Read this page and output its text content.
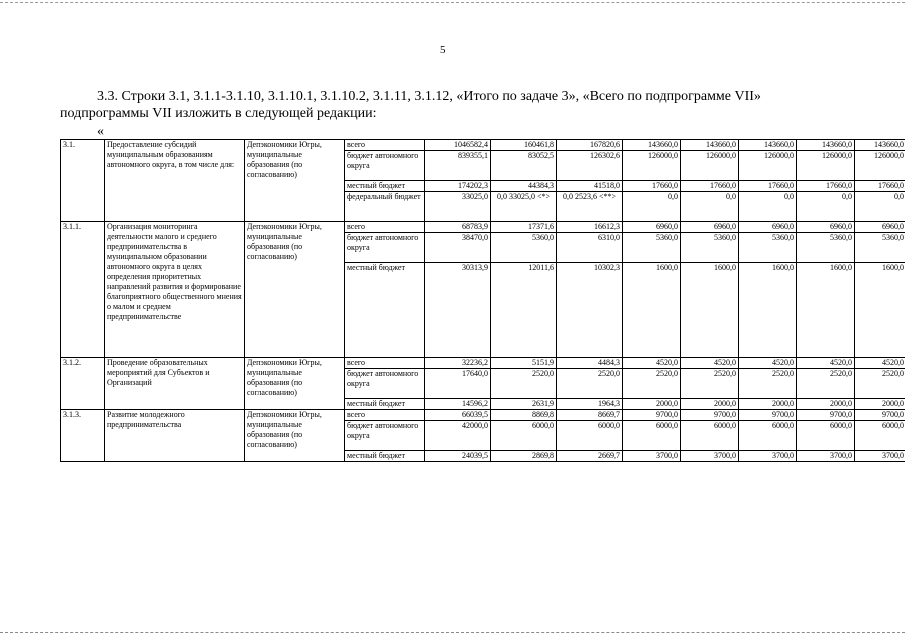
5
3.3. Строки 3.1, 3.1.1-3.1.10, 3.1.10.1, 3.1.10.2, 3.1.11, 3.1.12, «Итого по задаче 3», «Всего по подпрограмме VII»
подпрограммы VII изложить в следующей редакции:
«
3.1.	Предоставление субсидий муниципальным образованиям автономного округа, в том числе для:	Депэкономики Югры, муниципальные образования (по согласованию)	всего	1046582,4	160461,8	167820,6	143660,0	143660,0	143660,0	143660,0	143660,0
			бюджет автономного округа	839355,1	83052,5	126302,6	126000,0	126000,0	126000,0	126000,0	126000,0
			местный бюджет	174202,3	44384,3	41518,0	17660,0	17660,0	17660,0	17660,0	17660,0
			федеральный бюджет	33025,0	0,0 33025,0 <*>	0,0 2523,6 <**>	0,0	0,0	0,0	0,0	0,0
3.1.1.	Организация мониторинга деятельности малого и среднего предпринимательства в муниципальном образовании автономного округа в целях определения приоритетных направлений развития и формирование благоприятного общественного мнения о малом и среднем предпринимательстве	Депэкономики Югры, муниципальные образования (по согласованию)	всего	68783,9	17371,6	16612,3	6960,0	6960,0	6960,0	6960,0	6960,0
			бюджет автономного округа	38470,0	5360,0	6310,0	5360,0	5360,0	5360,0	5360,0	5360,0
			местный бюджет	30313,9	12011,6	10302,3	1600,0	1600,0	1600,0	1600,0	1600,0
3.1.2.	Проведение образовательных мероприятий для Субъектов и Организаций	Депэкономики Югры, муниципальные образования (по согласованию)	всего	32236,2	5151,9	4484,3	4520,0	4520,0	4520,0	4520,0	4520,0
			бюджет автономного округа	17640,0	2520,0	2520,0	2520,0	2520,0	2520,0	2520,0	2520,0
			местный бюджет	14596,2	2631,9	1964,3	2000,0	2000,0	2000,0	2000,0	2000,0
3.1.3.	Развитие молодежного предпринимательства	Депэкономики Югры, муниципальные образования (по согласованию)	всего	66039,5	8869,8	8669,7	9700,0	9700,0	9700,0	9700,0	9700,0
			бюджет автономного округа	42000,0	6000,0	6000,0	6000,0	6000,0	6000,0	6000,0	6000,0
			местный бюджет	24039,5	2869,8	2669,7	3700,0	3700,0	3700,0	3700,0	3700,0
